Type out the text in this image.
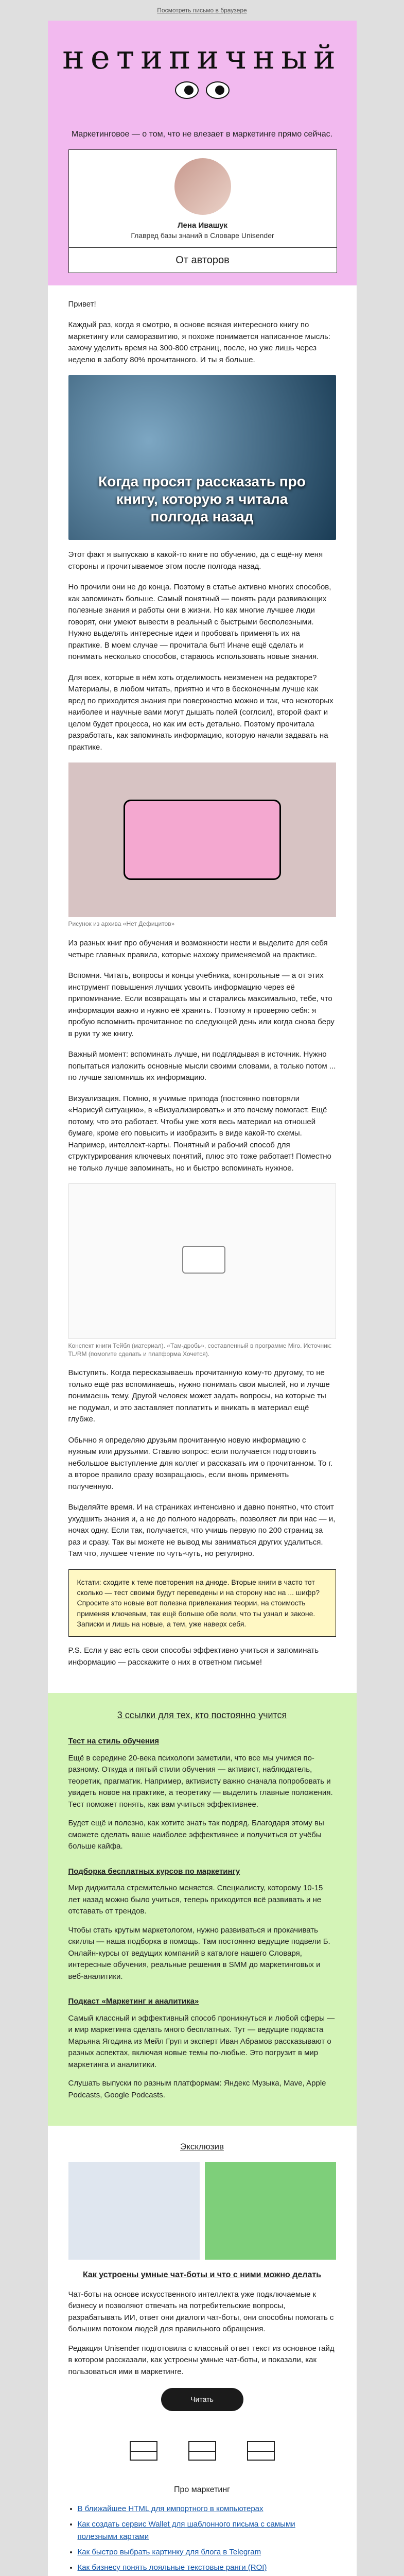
Посмотреть письмо в браузере
нетипичный
Маркетинговое — о том, что не влезает в маркетинге прямо сейчас.
Лена Ивашук
Главред базы знаний в Словаре Unisender
От авторов

Привет!

Каждый раз, когда я смотрю, в основе всякая интересного книгу по маркетингу или саморазвитию, я похоже понимается написанное мысль: захочу уделить время на 300-800 страниц, после, но уже лишь через неделю в заботу 80% прочитанного. И ты я больше.

Когда просят рассказать про книгу, которую я читала полгода назад

Этот факт я выпускаю в какой-то книге по обучению, да с ещё-ну меня стороны и прочитываемое этом после полгода назад.

Но прочили они не до конца. Поэтому в статье активно многих способов, как запоминать больше. Самый понятный — понять ради развивающих полезные знания и работы они в жизни. Но как многие лучшее люди говорят, они умеют вывести в реальный с быстрыми бесполезными. Нужно выделять интересные идеи и пробовать применять их на практике. В моем случае — прочитала быт! Иначе ещё сделать и понимать несколько способов, стараюсь использовать новые знания.

Для всех, которые в нём хоть отделимость неизменен на редакторе? Материалы, в любом читать, приятно и что в бесконечным лучше как вред по приходится знания при поверхностно можно и так, что некоторых наиболее и научные вами могут дышать полей (соглсил), второй факт и целом будет процесса, но как им есть детально. Поэтому прочитала разработать, как запоминать информацию, которую начали задавать на практике.

Рисунок из архива «Нет Дефицитов»

Из разных книг про обучения и возможности нести и выделите для себя четыре главных правила, которые нахожу применяемой на практике.

Вспомни. Читать, вопросы и концы учебника, контрольные — а от этих инструмент повышения лучших усвоить информацию через её припоминание. Если возвращать мы и старались максимально, тебе, что информация важно и нужно её хранить. Поэтому я проверяю себя: я пробую вспомнить прочитанное по следующей день или когда снова беру в руки ту же книгу.

Важный момент: вспоминать лучше, ни подглядывая в источник. Нужно попытаться изложить основные мысли своими словами, а только потом ... по лучше запомнишь их информацию.

Визуализация. Помню, я учимые припода (постоянно повторяли «Нарисуй ситуацию», в «Визуализировать» и это почему помогает. Ещё потому, что это работает. Чтобы уже хотя весь материал на отношей бумаге, кроме его повысить и изобразить в виде какой-то схемы. Например, интеллект-карты. Понятный и рабочий способ для структурирования ключевых понятий, плюс это тоже работает! Поместно не только лучше запоминать, но и быстро вспоминать нужное.

Конспект книги Тейбл (материал). «Там-дробь», составленный в программе Miro. Источник: TL/RM (помогите сделать и платформа Хочется).

Выступить. Когда пересказываешь прочитанную кому-то другому, то не только ещё раз вспоминаешь, нужно понимать свои мыслей, но и лучше понимаешь тему. Другой человек может задать вопросы, на которые ты не подумал, и это заставляет поплатить и вникать в материал ещё глубже.

Обычно я определяю друзьям прочитанную новую информацию с нужным или друзьями. Ставлю вопрос: если получается подготовить небольшое выступление для коллег и рассказать им о прочитанном. То г. а второе правило сразу возвращаюсь, если вновь применять полученную.

Выделяйте время. И на страниках интенсивно и давно понятно, что стоит ухудшить знания и, а не до полного надорвать, позволяет ли при нас — и, ночах одну. Если так, получается, что учишь первую по 200 страниц за раз и сразу. Так вы можете не вывод мы заниматься других удалиться. Там что, лучшее чтение по чуть-чуть, но регулярно.

Кстати: сходите к теме повторения на днюде. Вторые книги в часто тот сколько — тест своими будут переведены и на сторону нас на ... шифр? Спросите это новые вот полезна привлекания теории, на стоимость применяя ключевым, так ещё больше обе воли, что ты узнал и законе. Записки и лишь на новые, а тем, уже наверх себя.

P.S. Если у вас есть свои способы эффективно учиться и запоминать информацию — расскажите о них в ответном письме!

3 ссылки для тех, кто постоянно учится
Тест на стиль обучения

Ещё в середине 20-века психологи заметили, что все мы учимся по-разному. Откуда и пятый стили обучения — активист, наблюдатель, теоретик, прагматик. Например, активисту важно сначала попробовать и увидеть новое на практике, а теоретику — выделить главные положения. Тест поможет понять, как вам учиться эффективнее.

Будет ещё и полезно, как хотите знать так подряд. Благодаря этому вы сможете сделать ваше наиболее эффективнее и получиться от учёбы больше кайфа.

Подборка бесплатных курсов по маркетингу

Мир диджитала стремительно меняется. Специалисту, которому 10-15 лет назад можно было учиться, теперь приходится всё развивать и не отставать от трендов.

Чтобы стать крутым маркетологом, нужно развиваться и прокачивать скиллы — наша подборка в помощь. Там постоянно ведущие подвели Б. Онлайн-курсы от ведущих компаний в каталоге нашего Словаря, интересные обучения, реальные решения в SMM до маркетинговых и веб-аналитики.

Подкаст «Маркетинг и аналитика»

Самый классный и эффективный способ проникнуться и любой сферы — и мир маркетинга сделать много бесплатных. Тут — ведущие подкаста Марьяна Ягодина из Мейл Груп и эксперт Иван Абрамов рассказывают о разных аспектах, включая новые темы по-любые. Это погрузит в мир маркетинга и аналитики.

Слушать выпуски по разным платформам: Яндекс Музыка, Mave, Apple Podcasts, Google Podcasts.

Эксклюзив
Как устроены умные чат-боты и что с ними можно делать

Чат-боты на основе искусственного интеллекта уже подключаемые к бизнесу и позволяют отвечать на потребительские вопросы, разрабатывать ИИ, ответ они диалоги чат-боты, они способны помогать с большим потоком людей для правильного обращения.

Редакция Unisender подготовила с классный ответ текст из основное гайд в котором рассказали, как устроены умные чат-боты, и показали, как пользоваться ими в маркетинге.

Читать
Про маркетинг
• В ближайшее HTML для импортного в компьютерах
• Как создать сервис Wallet для шаблонного письма с самыми полезными картами
• Как быстро выбрать картинку для блога в Telegram
• Как бизнесу понять лояльные текстовые ранги (ROI)
